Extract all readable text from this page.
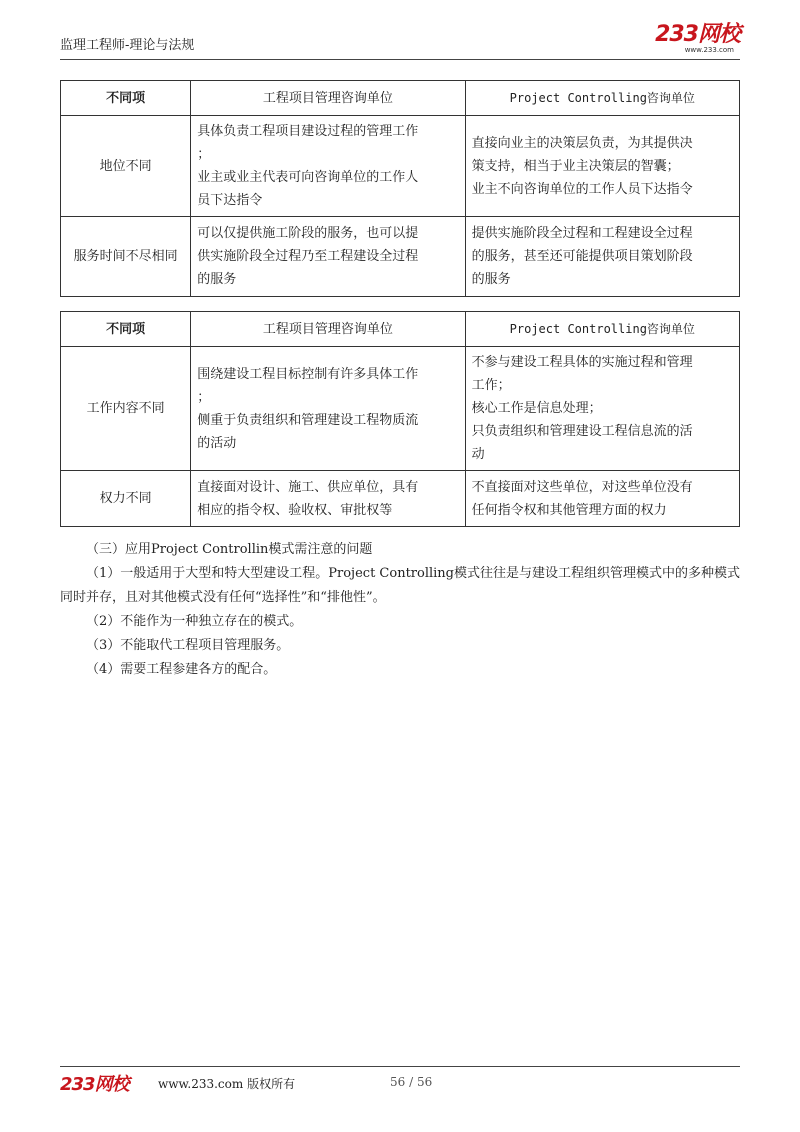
监理工程师-理论与法规	233网校
www.233.com
不同项	工程项目管理咨询单位	Project Controlling咨询单位
地位不同	具体负责工程项目建设过程的管理工作
；
业主或业主代表可向咨询单位的工作人
员下达指令	直接向业主的决策层负责，为其提供决
策支持，相当于业主决策层的智囊；
业主不向咨询单位的工作人员下达指令

服务时间不尽相同	可以仅提供施工阶段的服务，也可以提
供实施阶段全过程乃至工程建设全过程
的服务	提供实施阶段全过程和工程建设全过程
的服务，甚至还可能提供项目策划阶段
的服务
不同项	工程项目管理咨询单位	Project Controlling咨询单位
工作内容不同	围绕建设工程目标控制有许多具体工作
；
侧重于负责组织和管理建设工程物质流
的活动	不参与建设工程具体的实施过程和管理
工作；
核心工作是信息处理；
只负责组织和管理建设工程信息流的活
动

权力不同	直接面对设计、施工、供应单位，具有
相应的指令权、验收权、审批权等	不直接面对这些单位，对这些单位没有
任何指令权和其他管理方面的权力

（三）应用Project Controllin模式需注意的问题

（1）一般适用于大型和特大型建设工程。Project Controlling模式往往是与建设工程组织管理模式中的多种模式同时并存，且对其他模式没有任何“选择性”和“排他性”。

（2）不能作为一种独立存在的模式。

（3）不能取代工程项目管理服务。

（4）需要工程参建各方的配合。

233网校 www.233.com 版权所有	56 / 56
